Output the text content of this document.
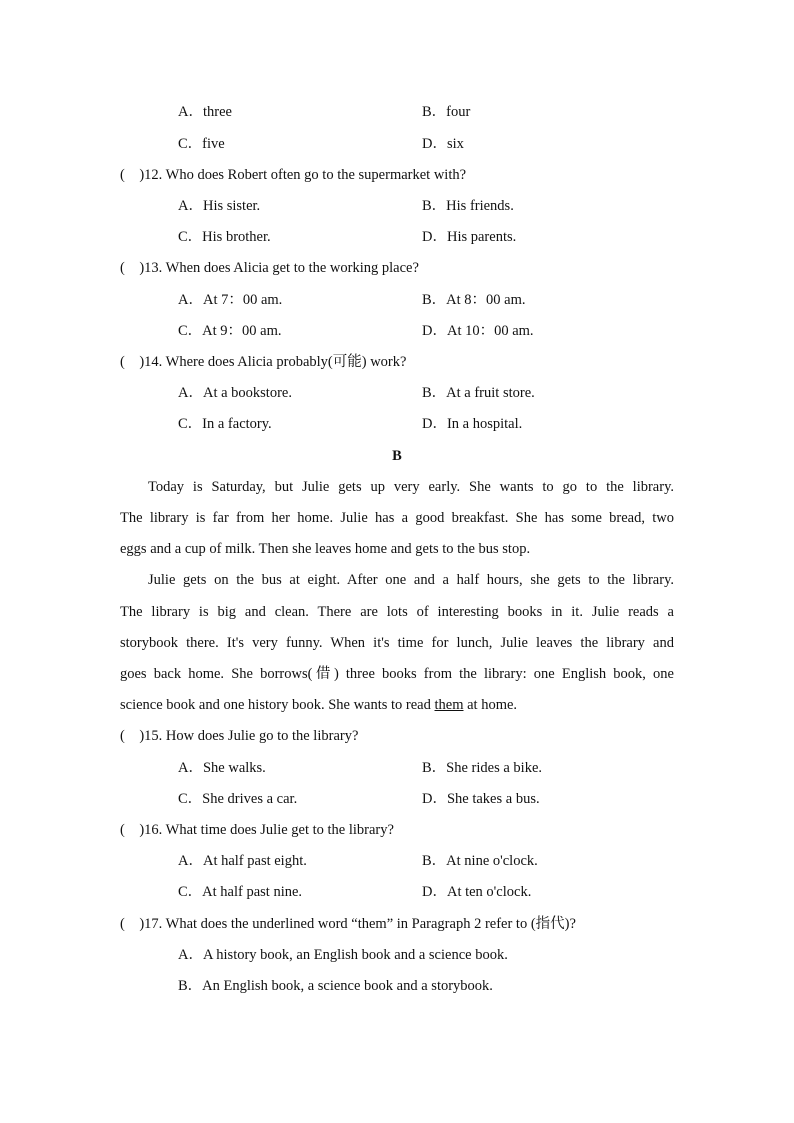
A．three	B．four
C．five	D．six
(　)12. Who does Robert often go to the supermarket with?
A．His sister.	B．His friends.
C．His brother.	D．His parents.
(　)13. When does Alicia get to the working place?
A．At 7：00 am.	B．At 8：00 am.
C．At 9：00 am.	D．At 10：00 am.
(　)14. Where does Alicia probably(可能) work?
A．At a bookstore.	B．At a fruit store.
C．In a factory.	D．In a hospital.
B
Today is Saturday, but Julie gets up very early. She wants to go to the library.
The library is far from her home. Julie has a good breakfast. She has some bread, two
eggs and a cup of milk. Then she leaves home and gets to the bus stop.
Julie gets on the bus at eight. After one and a half hours, she gets to the library.
The library is big and clean. There are lots of interesting books in it. Julie reads a
storybook there. It's very funny. When it's time for lunch, Julie leaves the library and
goes back home. She borrows(借) three books from the library: one English book, one
science book and one history book. She wants to read them at home.
(　)15. How does Julie go to the library?
A．She walks.	B．She rides a bike.
C．She drives a car.	D．She takes a bus.
(　)16. What time does Julie get to the library?
A．At half past eight.	B．At nine o'clock.
C．At half past nine.	D．At ten o'clock.
(　)17. What does the underlined word “them” in Paragraph 2 refer to (指代)?
A．A history book, an English book and a science book.
B．An English book, a science book and a storybook.
